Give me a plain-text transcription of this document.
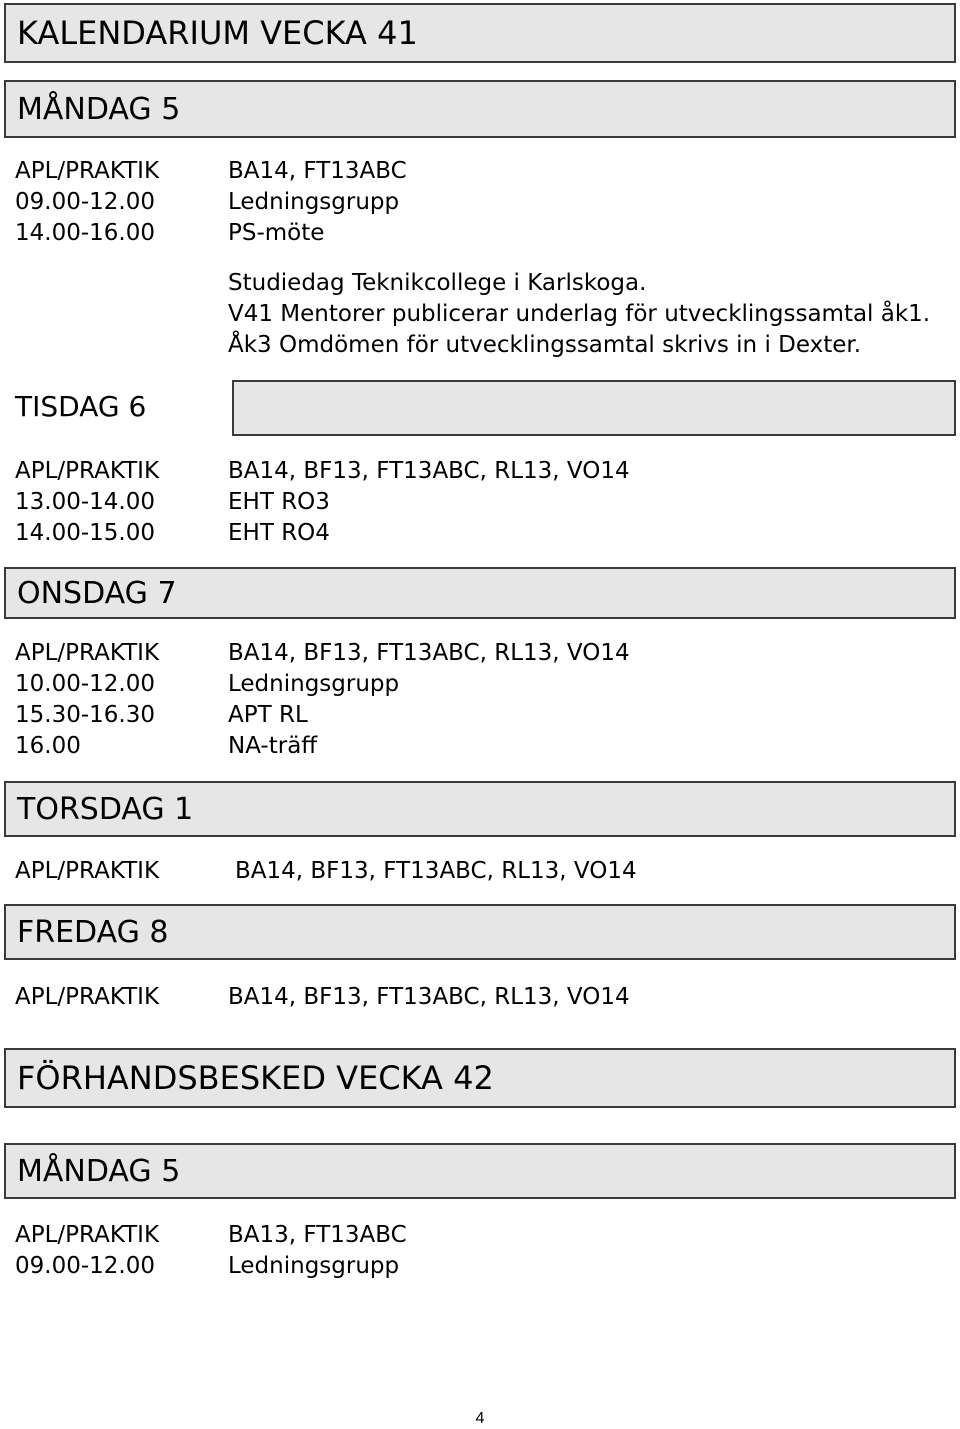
KALENDARIUM VECKA 41
MÅNDAG 5
APL/PRAKTIK	BA14, FT13ABC
09.00-12.00	Ledningsgrupp
14.00-16.00	PS-möte
Studiedag Teknikcollege i Karlskoga.
V41 Mentorer publicerar underlag för utvecklingssamtal åk1.
Åk3 Omdömen för utvecklingssamtal skrivs in i Dexter.
TISDAG 6
APL/PRAKTIK	BA14, BF13, FT13ABC, RL13, VO14
13.00-14.00	EHT RO3
14.00-15.00	EHT RO4
ONSDAG 7
APL/PRAKTIK	BA14, BF13, FT13ABC, RL13, VO14
10.00-12.00	Ledningsgrupp
15.30-16.30	APT RL
16.00	NA-träff
TORSDAG 1
APL/PRAKTIK	BA14, BF13, FT13ABC, RL13, VO14
FREDAG 8
APL/PRAKTIK	BA14, BF13, FT13ABC, RL13, VO14
FÖRHANDSBESKED VECKA 42
MÅNDAG 5
APL/PRAKTIK	BA13, FT13ABC
09.00-12.00	Ledningsgrupp
4
